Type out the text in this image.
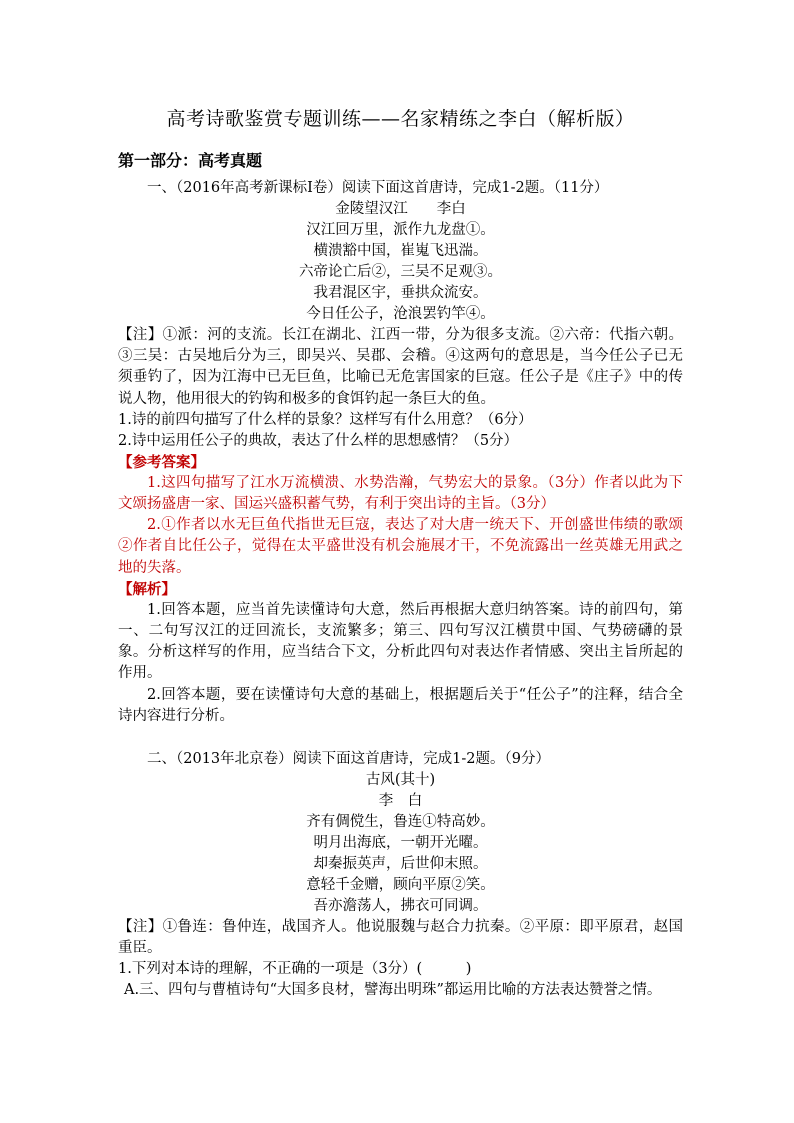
高考诗歌鉴赏专题训练——名家精练之李白（解析版）
第一部分：高考真题
一、（2016年高考新课标Ⅰ卷）阅读下面这首唐诗，完成1-2题。（11分）
金陵望汉江　　李白
汉江回万里，派作九龙盘①。
横溃豁中国，崔嵬飞迅湍。
六帝论亡后②，三吴不足观③。
我君混区宇，垂拱众流安。
今日任公子，沧浪罢钓竿④。
【注】①派：河的支流。长江在湖北、江西一带，分为很多支流。②六帝：代指六朝。③三吴：古吴地后分为三，即吴兴、吴郡、会稽。④这两句的意思是，当今任公子已无须垂钓了，因为江海中已无巨鱼，比喻已无危害国家的巨寇。任公子是《庄子》中的传说人物，他用很大的钓钩和极多的食饵钓起一条巨大的鱼。
1.诗的前四句描写了什么样的景象？这样写有什么用意？（6分）
2.诗中运用任公子的典故，表达了什么样的思想感情？（5分）
【参考答案】
1.这四句描写了江水万流横溃、水势浩瀚，气势宏大的景象。（3分）作者以此为下文颂扬盛唐一家、国运兴盛积蓄气势，有利于突出诗的主旨。（3分）
2.①作者以水无巨鱼代指世无巨寇，表达了对大唐一统天下、开创盛世伟绩的歌颂 ②作者自比任公子，觉得在太平盛世没有机会施展才干，不免流露出一丝英雄无用武之地的失落。
【解析】
1.回答本题，应当首先读懂诗句大意，然后再根据大意归纳答案。诗的前四句，第一、二句写汉江的迂回流长，支流繁多；第三、四句写汉江横贯中国、气势磅礴的景象。分析这样写的作用，应当结合下文，分析此四句对表达作者情感、突出主旨所起的作用。
2.回答本题，要在读懂诗句大意的基础上，根据题后关于“任公子”的注释，结合全诗内容进行分析。
二、（2013年北京卷）阅读下面这首唐诗，完成1-2题。（9分）
古风(其十)
李　白
齐有倜傥生，鲁连①特高妙。
明月出海底，一朝开光曜。
却秦振英声，后世仰末照。
意轻千金赠，顾向平原②笑。
吾亦澹荡人，拂衣可同调。
【注】①鲁连：鲁仲连，战国齐人。他说服魏与赵合力抗秦。②平原：即平原君，赵国重臣。
1.下列对本诗的理解，不正确的一项是（3分）(　　　)
A.三、四句与曹植诗句“大国多良材，譬海出明珠”都运用比喻的方法表达赞誉之情。
